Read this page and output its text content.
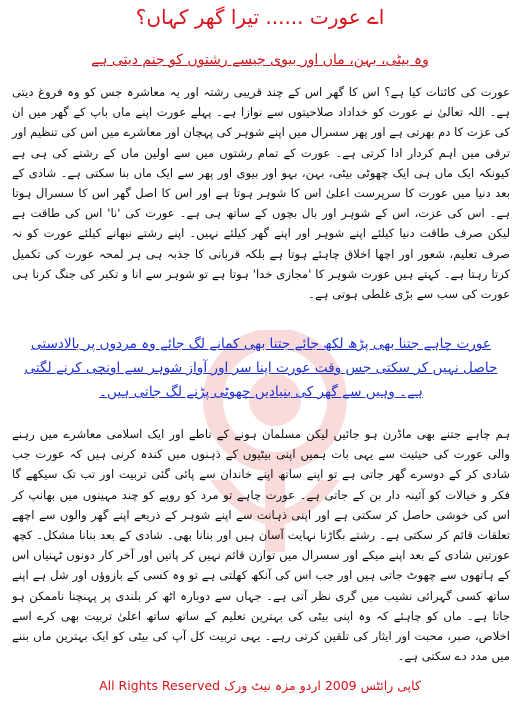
اے عورت ...... تیرا گھر کہاں؟
وہ بیٹی، بہن، ماں اور بیوی جیسے رشتوں کو جنم دیتی ہے
عورت کی کائنات کیا ہے؟ اس کا گھر اس کے چند قریبی رشتہ اور یہ معاشرہ جس کو وہ فروغ دیتی ہے۔ اللہ تعالیٰ نے عورت کو خداداد صلاحیتوں سے نوازا ہے۔ پہلے عورت اپنے ماں باپ کے گھر میں ان کی عزت کا دم بھرتی ہے اور پھر سسرال میں اپنے شوہر کی پہچان اور معاشرے میں اس کی تنظیم اور ترقی میں اہم کردار ادا کرتی ہے۔ عورت کے تمام رشتوں میں سے اولین ماں کے رشتے کی ہی ہے کیونکہ ایک ماں ہی ایک چھوٹی بیٹی، بہن، بہو اور بیوی اور پھر سے ایک ماں بنا سکتی ہے۔ شادی کے بعد دنیا میں عورت کا سرپرست اعلیٰ اس کا شوہر ہوتا ہے اور اس کا اصل گھر اس کا سسرال ہوتا ہے۔ اس کی عزت، اس کے شوہر اور بال بچوں کے ساتھ ہی ہے۔ عورت کی 'نا' اس کی طاقت ہے لیکن صرف طاقت دنیا کیلئے اپنے شوہر اور اپنے گھر کیلئے نہیں۔ اپنے رشتے نبھانے کیلئے عورت کو نہ صرف تعلیم، شعور اور اچھا اخلاق چاہئے ہوتا ہے بلکہ قربانی کا جذبہ ہی ہر لمحہ عورت کی تکمیل کرتا رہتا ہے۔ کہتے ہیں عورت شوہر کا 'مجازی خدا' ہوتا ہے تو شوہر سے انا و تکبر کی جنگ کرنا ہی عورت کی سب سے بڑی غلطی ہوتی ہے۔
عورت چاہے جتنا بھی پڑھ لکھ جائے جتنا بھی کمانے لگ جائے وہ مردوں پر بالادستی حاصل نہیں کر سکتی جس وقت عورت اپنا سر اور آواز شوہر سے اونچی کرنے لگتی ہے۔ وہیں سے گھر کی بنیادیں چھوٹی پڑنے لگ جاتی ہیں۔
ہم چاہے جتنے بھی ماڈرن ہو جائیں لیکن مسلمان ہونے کے ناطے اور ایک اسلامی معاشرے میں رہنے والی عورت کی حیثیت سے یہی بات ہمیں اپنی بیٹیوں کے ذہنوں میں کندہ کرنی ہیں کہ عورت جب شادی کر کے دوسرے گھر جاتی ہے تو اپنے ساتھ اپنے خاندان سے پائی گئی تربیت اور تب تک سیکھے گا فکر و خیالات کو آئینہ دار بن کے جاتی ہے۔ عورت چاہے تو مرد کو روپے کو چند مہینوں میں بھانپ کر اس کی خوشی حاصل کر سکتی ہے اور اپنی ذہانت سے اپنے شوہر کے ذریعے اپنے گھر والوں سے اچھے تعلقات قائم کر سکتی ہے۔ رشتے بگاڑنا نہایت آسان ہیں اور بنانا بھی۔ شادی کے بعد بنانا مشکل۔ کچھ عورتیں شادی کے بعد اپنے میکے اور سسرال میں توازن قائم نہیں کر پاتیں اور آخر کار دونوں ٹہنیاں اس کے ہاتھوں سے چھوٹ جاتی ہیں اور جب اس کی آنکھ کھلتی ہے تو وہ کسی کے بازوؤں اور شل ہے اپنے ساتھ کسی گہرائی نشیب میں گری نظر آتی ہے۔ جہاں سے دوبارہ اٹھ کر بلندی پر پہنچنا ناممکن ہو جاتا ہے۔ ماں کو چاہئے کہ وہ اپنی بیٹی کی بہترین تعلیم کے ساتھ ساتھ اعلیٰ تربیت بھی کرے اسے اخلاص، صبر، محبت اور ایثار کی تلقین کرتی رہے۔ یہی تربیت کل آپ کی بیٹی کو ایک بہترین ماں بننے میں مدد دے سکتی ہے۔
کاپی رائٹس 2009 اردو مزہ نیٹ ورک All Rights Reserved
